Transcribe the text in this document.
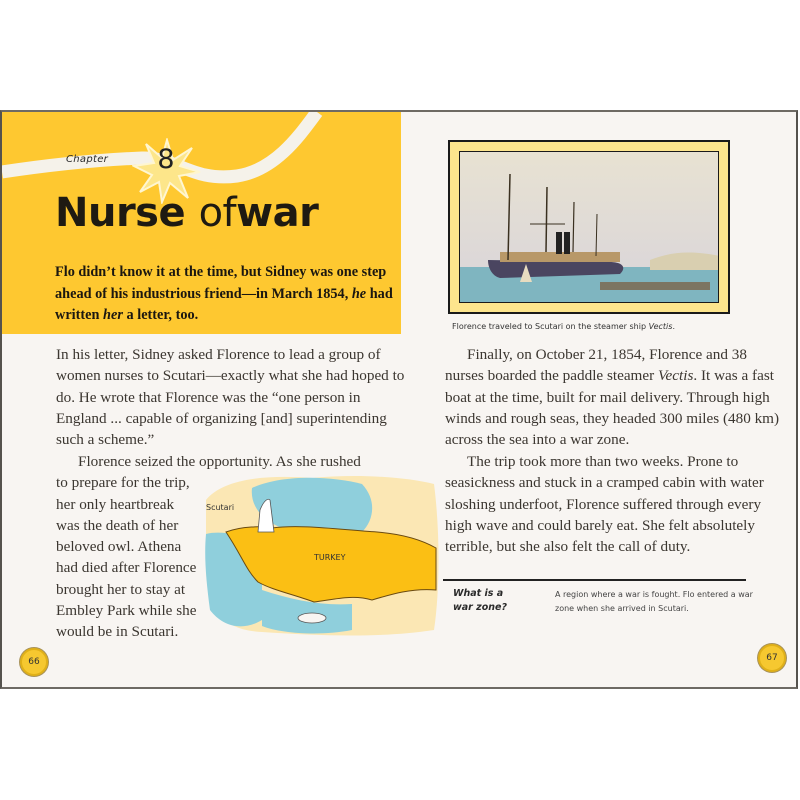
Chapter 8
Nurse ofwar
Flo didn’t know it at the time, but Sidney was one step ahead of his industrious friend—in March 1854, he had written her a letter, too.
In his letter, Sidney asked Florence to lead a group of women nurses to Scutari—exactly what she had hoped to do. He wrote that Florence was the “one person in England ... capable of organizing [and] superintending such a scheme.”
Florence seized the opportunity. As she rushed
to prepare for the trip,
her only heartbreak
was the death of her
beloved owl. Athena
had died after Florence
brought her to stay at
Embley Park while she
would be in Scutari.
Scutari
TURKEY
66
Florence traveled to Scutari on the steamer ship Vectis.
Finally, on October 21, 1854, Florence and 38 nurses boarded the paddle steamer Vectis. It was a fast boat at the time, built for mail delivery. Through high winds and rough seas, they headed 300 miles (480 km) across the sea into a war zone.
The trip took more than two weeks. Prone to seasickness and stuck in a cramped cabin with water sloshing underfoot, Florence suffered through every high wave and could barely eat. She felt absolutely terrible, but she also felt the call of duty.
What is a
war zone?
A region where a war is fought. Flo entered a war zone when she arrived in Scutari.
67
